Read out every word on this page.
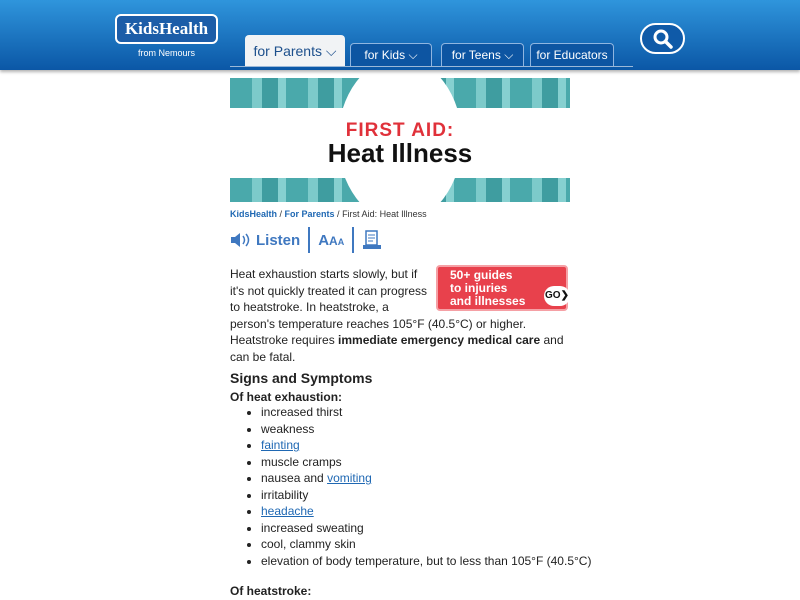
KidsHealth
from Nemours	for Parents ⌵	for Kids ⌵	for Teens ⌵	for Educators
FIRST AID:
Heat Illness
KidsHealth / For Parents / First Aid: Heat Illness
Listen AAA
50+ guides
to injuries
and illnesses	GO❯
Heat exhaustion starts slowly, but if it's not quickly treated it can progress to heatstroke. In heatstroke, a person's temperature reaches 105°F (40.5°C) or higher. Heatstroke requires immediate emergency medical care and can be fatal.
Signs and Symptoms
Of heat exhaustion:
• increased thirst
• weakness
• fainting
• muscle cramps
• nausea and vomiting
• irritability
• headache
• increased sweating
• cool, clammy skin
• elevation of body temperature, but to less than 105°F (40.5°C)
Of heatstroke:
